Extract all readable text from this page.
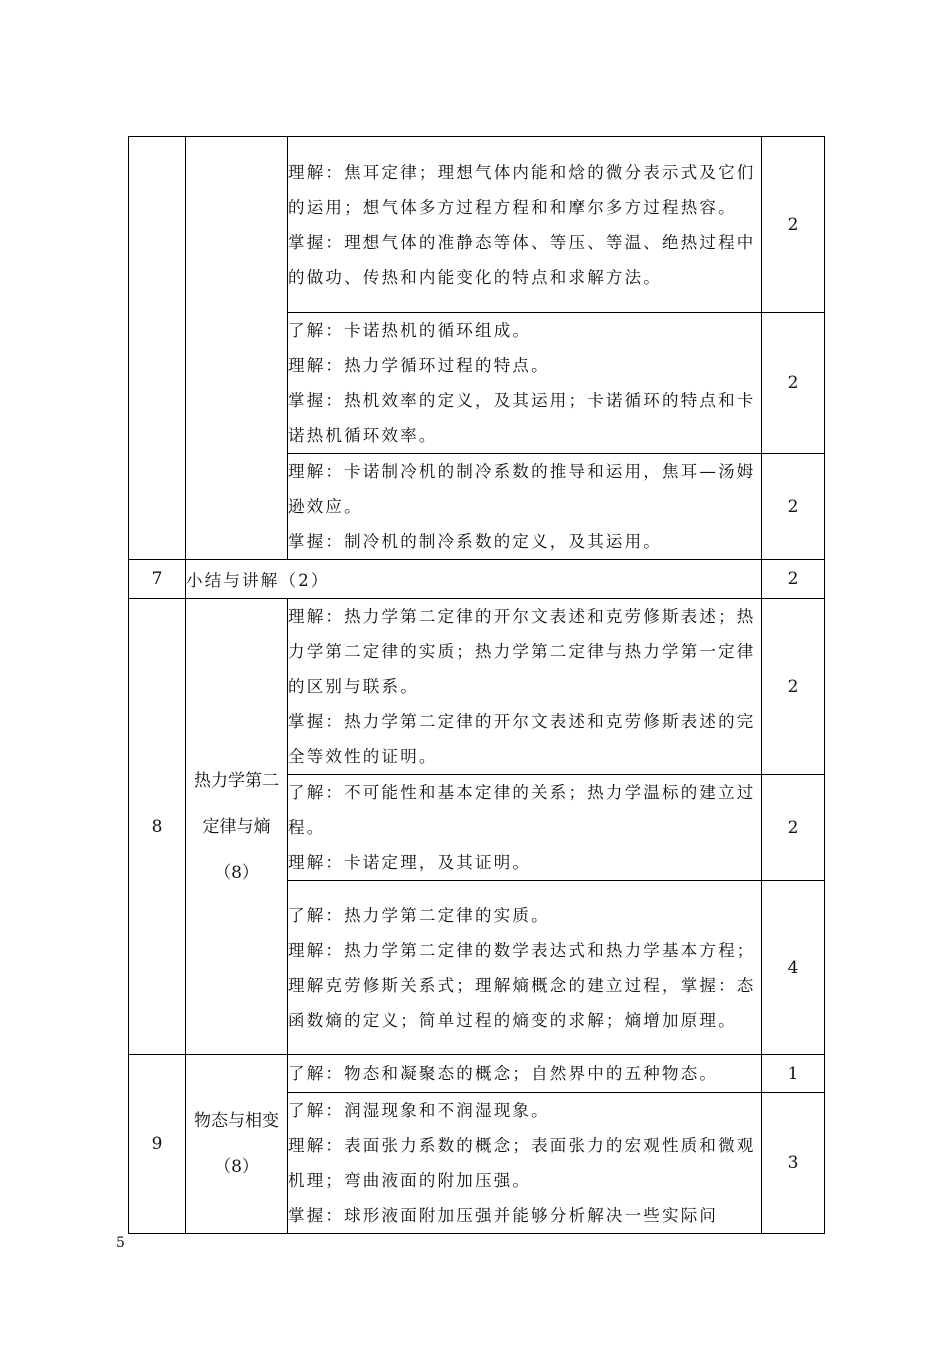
		理解：焦耳定律；理想气体内能和焓的微分表示式及它们的运用；想气体多方过程方程和和摩尔多方过程热容。
掌握：理想气体的准静态等体、等压、等温、绝热过程中的做功、传热和内能变化的特点和求解方法。	2

		了解：卡诺热机的循环组成。
理解：热力学循环过程的特点。
掌握：热机效率的定义，及其运用；卡诺循环的特点和卡诺热机循环效率。	2

		理解：卡诺制冷机的制冷系数的推导和运用，焦耳—汤姆逊效应。
掌握：制冷机的制冷系数的定义，及其运用。	2
7	小结与讲解（2）		2
8	热力学第二定律与熵（8）	理解：热力学第二定律的开尔文表述和克劳修斯表述；热力学第二定律的实质；热力学第二定律与热力学第一定律的区别与联系。
掌握：热力学第二定律的开尔文表述和克劳修斯表述的完全等效性的证明。	2

		了解：不可能性和基本定律的关系；热力学温标的建立过程。
理解：卡诺定理，及其证明。	2

		了解：热力学第二定律的实质。
理解：热力学第二定律的数学表达式和热力学基本方程；理解克劳修斯关系式；理解熵概念的建立过程，掌握：态函数熵的定义；简单过程的熵变的求解；熵增加原理。	4
9	物态与相变（8）	了解：物态和凝聚态的概念；自然界中的五种物态。	1

		了解：润湿现象和不润湿现象。
理解：表面张力系数的概念；表面张力的宏观性质和微观机理；弯曲液面的附加压强。
掌握：球形液面附加压强并能够分析解决一些实际问	3
5
